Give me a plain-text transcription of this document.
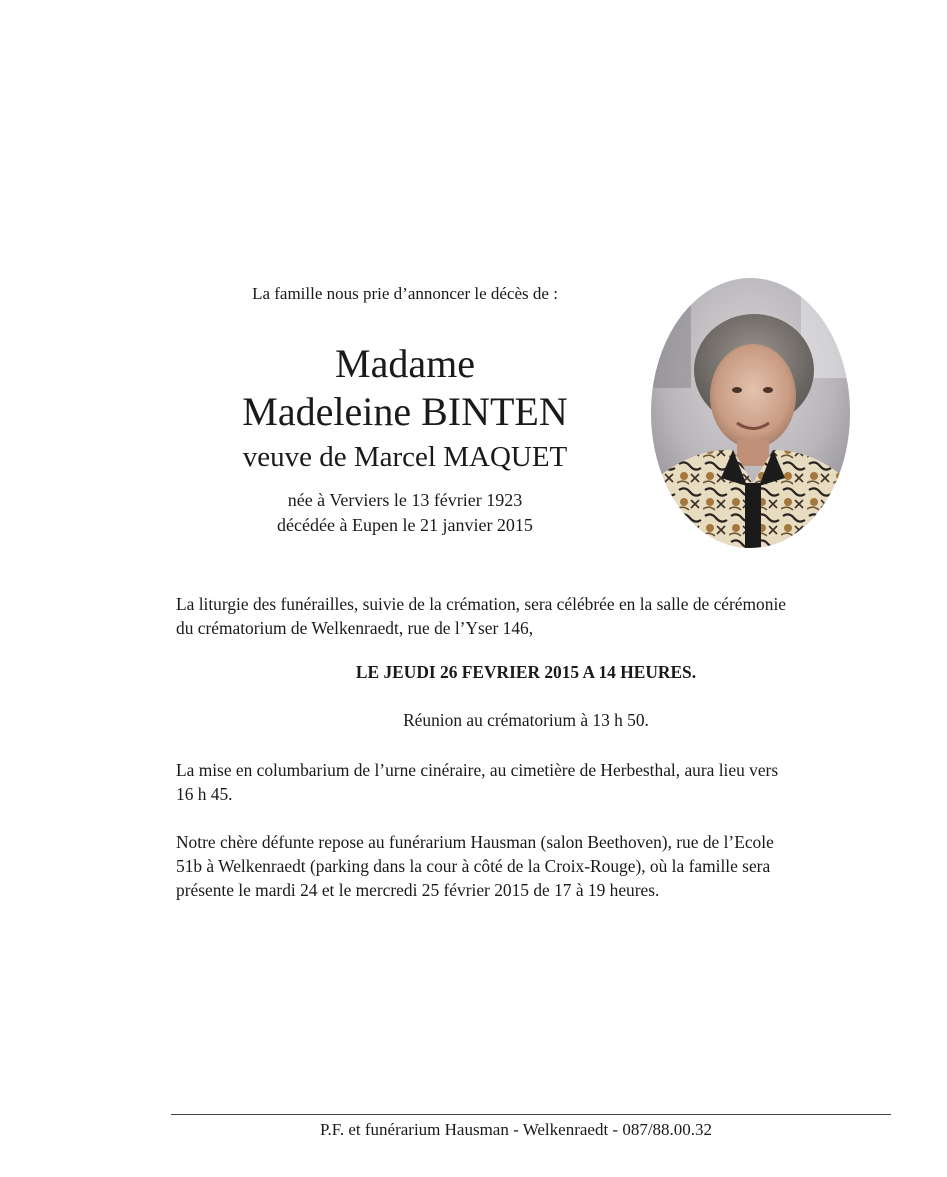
La famille nous prie d’annoncer le décès de :
Madame
Madeleine BINTEN
veuve de Marcel MAQUET
née à Verviers le 13 février 1923
décédée à Eupen le 21 janvier 2015
La liturgie des funérailles, suivie de la crémation, sera célébrée en la salle de cérémonie
du crématorium de Welkenraedt, rue de l’Yser 146,
LE JEUDI 26 FEVRIER 2015 A 14 HEURES.
Réunion au crématorium à 13 h 50.
La mise en columbarium de l’urne cinéraire, au cimetière de Herbesthal, aura lieu vers
16 h 45.
Notre chère défunte repose au funérarium Hausman (salon Beethoven), rue de l’Ecole
51b à Welkenraedt (parking dans la cour à côté de la Croix-Rouge), où la famille sera
présente le mardi 24 et le mercredi 25 février 2015 de 17 à 19 heures.
P.F. et funérarium Hausman - Welkenraedt - 087/88.00.32
